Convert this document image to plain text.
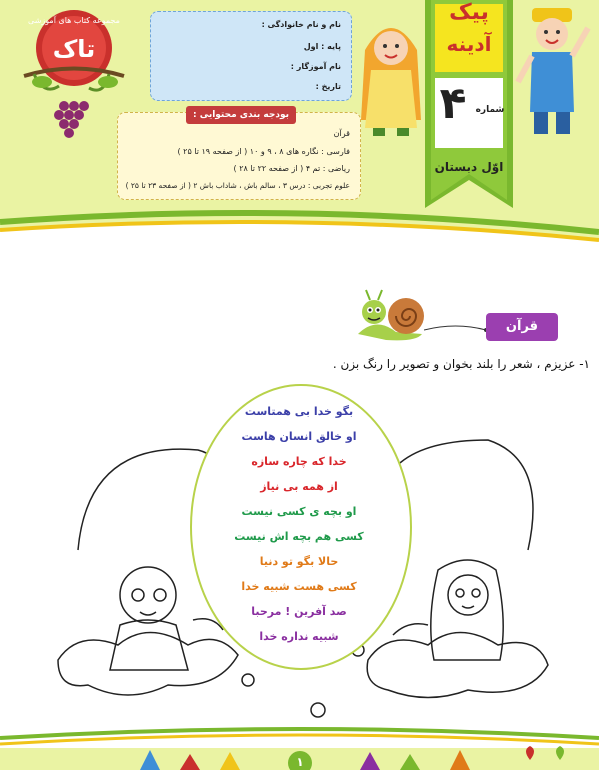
مجموعه کتاب های آموزشی
تاک
نام و نام خانوادگی :
پایه : اول
نام آموزگار :
تاریخ :
بودجه بندی محتوایی :
قرآن
فارسی : نگاره های ۸ ، ۹ و ۱۰ ( از صفحه ۱۹ تا ۲۵ )
ریاضی : تم ۴ ( از صفحه ۲۲ تا ۲۸ )
علوم تجربی : درس ۳ ، سالم باش ، شاداب باش ۲ ( از صفحه ۲۳ تا ۲۵ )
پیک
آدینه
۴	شماره
اوّل دبستان
قرآن
۱- عزیزم ، شعر را بلند بخوان و تصویر را رنگ بزن .
بگو خدا بی همتاست
او خالق انسان هاست
خدا که چاره سازه
از همه بی نیاز
او بچه ی کسی نیست
کسی هم بچه اش نیست
حالا بگو تو دنیا
کسی هست شبیه خدا
صد آفرین ! مرحبا
شبیه نداره خدا
۱
